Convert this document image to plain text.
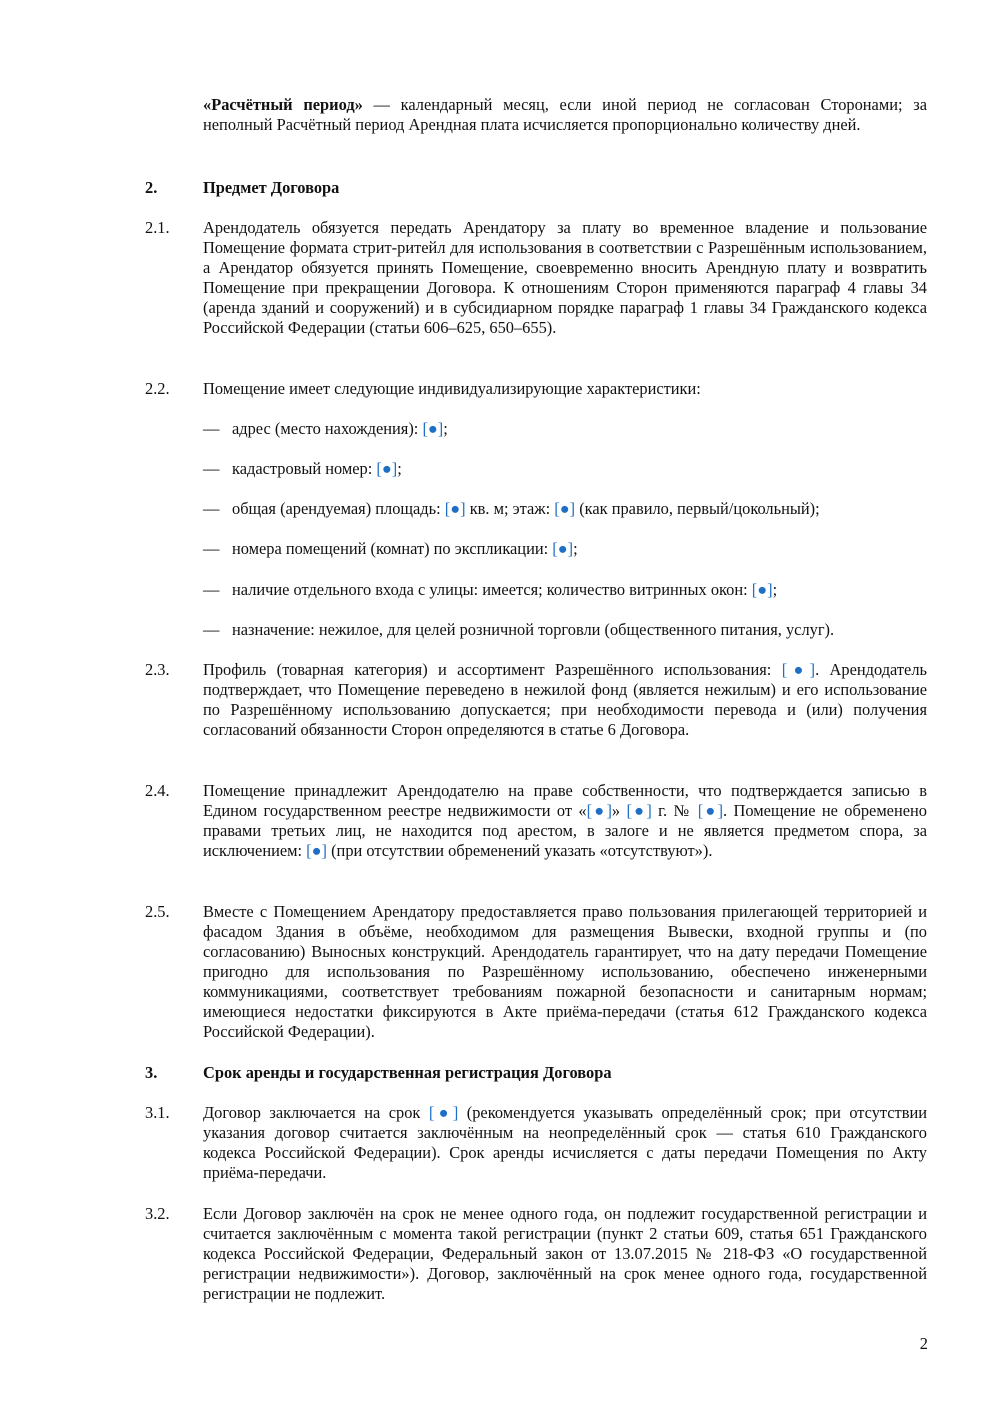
«Расчётный период» — календарный месяц, если иной период не согласован Сторонами; за неполный Расчётный период Арендная плата исчисляется пропорционально количеству дней.

2.	Предмет Договора
2.1. Арендодатель обязуется передать Арендатору за плату во временное владение и пользование Помещение формата стрит-ритейл для использования в соответствии с Разрешённым использованием, а Арендатор обязуется принять Помещение, своевременно вносить Арендную плату и возвратить Помещение при прекращении Договора. К отношениям Сторон применяются параграф 4 главы 34 (аренда зданий и сооружений) и в субсидиарном порядке параграф 1 главы 34 Гражданского кодекса Российской Федерации (статьи 606–625, 650–655).

2.2. Помещение имеет следующие индивидуализирующие характеристики:

— адрес (место нахождения): [●];

— кадастровый номер: [●];

— общая (арендуемая) площадь: [●] кв. м; этаж: [●] (как правило, первый/цокольный);

— номера помещений (комнат) по экспликации: [●];

— наличие отдельного входа с улицы: имеется; количество витринных окон: [●];

— назначение: нежилое, для целей розничной торговли (общественного питания, услуг).

2.3. Профиль (товарная категория) и ассортимент Разрешённого использования: [●]. Арендодатель подтверждает, что Помещение переведено в нежилой фонд (является нежилым) и его использование по Разрешённому использованию допускается; при необходимости перевода и (или) получения согласований обязанности Сторон определяются в статье 6 Договора.

2.4. Помещение принадлежит Арендодателю на праве собственности, что подтверждается записью в Едином государственном реестре недвижимости от «[●]» [●] г. № [●]. Помещение не обременено правами третьих лиц, не находится под арестом, в залоге и не является предметом спора, за исключением: [●] (при отсутствии обременений указать «отсутствуют»).

2.5. Вместе с Помещением Арендатору предоставляется право пользования прилегающей территорией и фасадом Здания в объёме, необходимом для размещения Вывески, входной группы и (по согласованию) Выносных конструкций. Арендодатель гарантирует, что на дату передачи Помещение пригодно для использования по Разрешённому использованию, обеспечено инженерными коммуникациями, соответствует требованиям пожарной безопасности и санитарным нормам; имеющиеся недостатки фиксируются в Акте приёма-передачи (статья 612 Гражданского кодекса Российской Федерации).

3.	Срок аренды и государственная регистрация Договора
3.1. Договор заключается на срок [●] (рекомендуется указывать определённый срок; при отсутствии указания договор считается заключённым на неопределённый срок — статья 610 Гражданского кодекса Российской Федерации). Срок аренды исчисляется с даты передачи Помещения по Акту приёма-передачи.

3.2. Если Договор заключён на срок не менее одного года, он подлежит государственной регистрации и считается заключённым с момента такой регистрации (пункт 2 статьи 609, статья 651 Гражданского кодекса Российской Федерации, Федеральный закон от 13.07.2015 № 218-ФЗ «О государственной регистрации недвижимости»). Договор, заключённый на срок менее одного года, государственной регистрации не подлежит.

2
